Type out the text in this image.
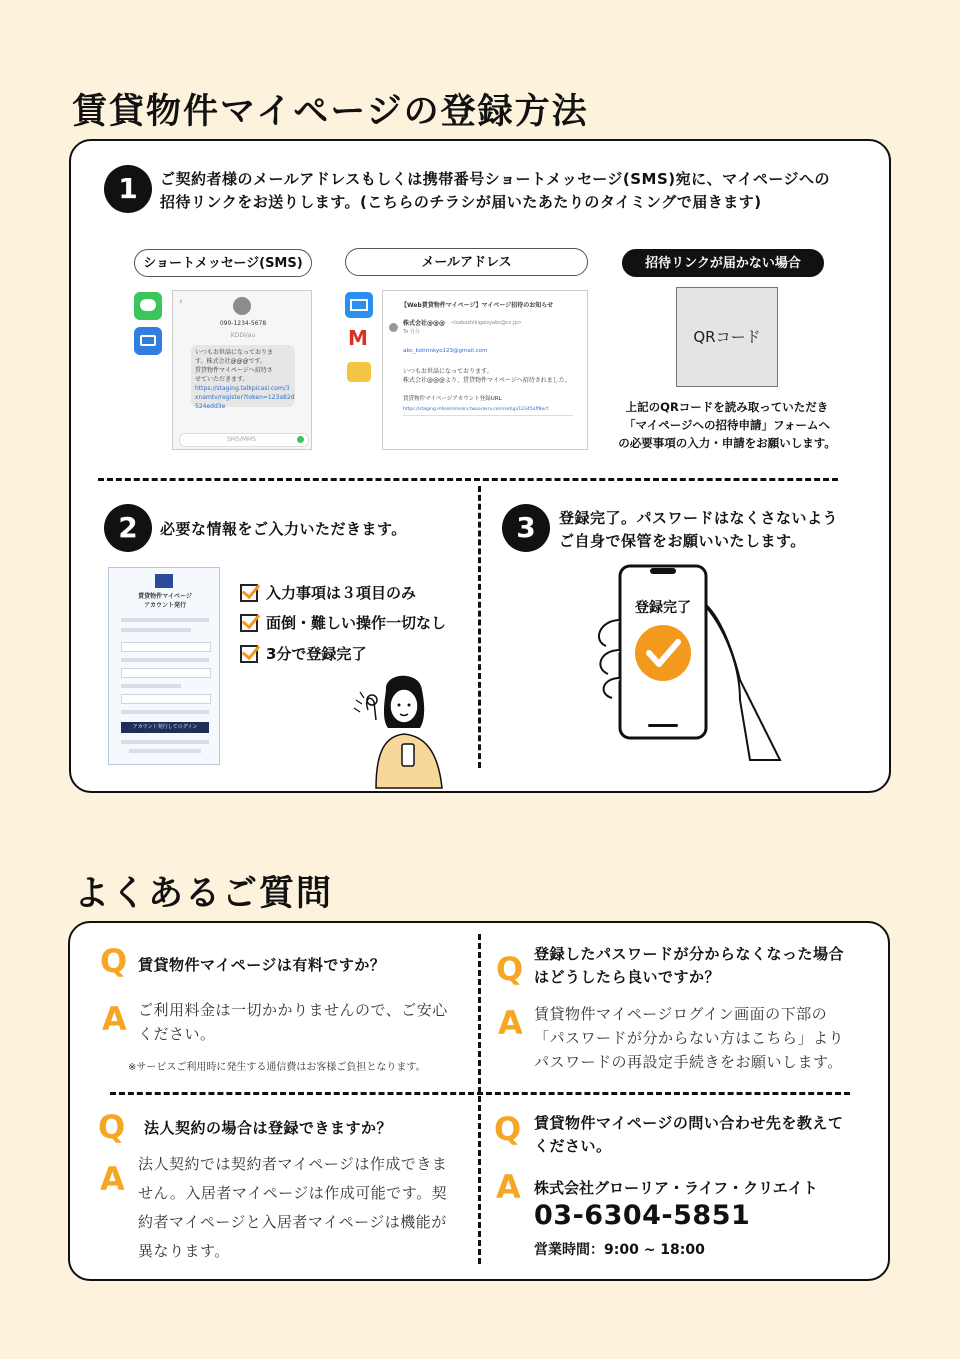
賃貸物件マイページの登録方法
1	ご契約者様のメールアドレスもしくは携帯番号ショートメッセージ(SMS)宛に、マイページへの
招待リンクをお送りします。(こちらのチラシが届いたあたりのタイミングで届きます)
ショートメッセージ(SMS)	メールアドレス	招待リンクが届かない場合
‹
090-1234-5678
KDDI/au
いつもお世話になっておりま
す。株式会社@@@です。
賃貸物件マイページへ招待さ
せていただきます。
https://staging.talkpicasi.com/3
xnamtv/register?token=123a82d
524edd3e
SMS/MMS
M
【Web賃貸物件マイページ】マイページ招待のお知らせ
株式会社@@@ <kabushikigaisyabc@cc.jp>
To 自分
abc_kotirinkyo123@gmail.com
いつもお世話になっております。
株式会社@@@より、賃貸物件マイページへ招待されました。
賃貸物件マイページアカウント登録URL
https://staging.mhsssrmnsirv.twoorasrv.com/setup/12345aff8ecf
QRコード
上記のQRコードを読み取っていただき
「マイページへの招待申請」フォームへ
の必要事項の入力・申請をお願いします。
2	必要な情報をご入力いただきます。
賃貸物件マイページ
アカウント発行
アカウント発行してログイン
入力事項は３項目のみ
面倒・難しい操作一切なし
3分で登録完了
3	登録完了。パスワードはなくさないよう
ご自身で保管をお願いいたします。
登録完了
よくあるご質問
Q 賃貸物件マイページは有料ですか？
A ご利用料金は一切かかりませんので、ご安心
ください。
※サービスご利用時に発生する通信費はお客様ご負担となります。
Q 登録したパスワードが分からなくなった場合
はどうしたら良いですか？
A 賃貸物件マイページログイン画面の下部の
「パスワードが分からない方はこちら」より
パスワードの再設定手続きをお願いします。
Q 法人契約の場合は登録できますか？
A 法人契約では契約者マイページは作成できま
せん。入居者マイページは作成可能です。契
約者マイページと入居者マイページは機能が
異なります。
Q 賃貸物件マイページの問い合わせ先を教えて
ください。
A 株式会社グローリア・ライフ・クリエイト
03-6304-5851
営業時間：9:00 ~ 18:00
